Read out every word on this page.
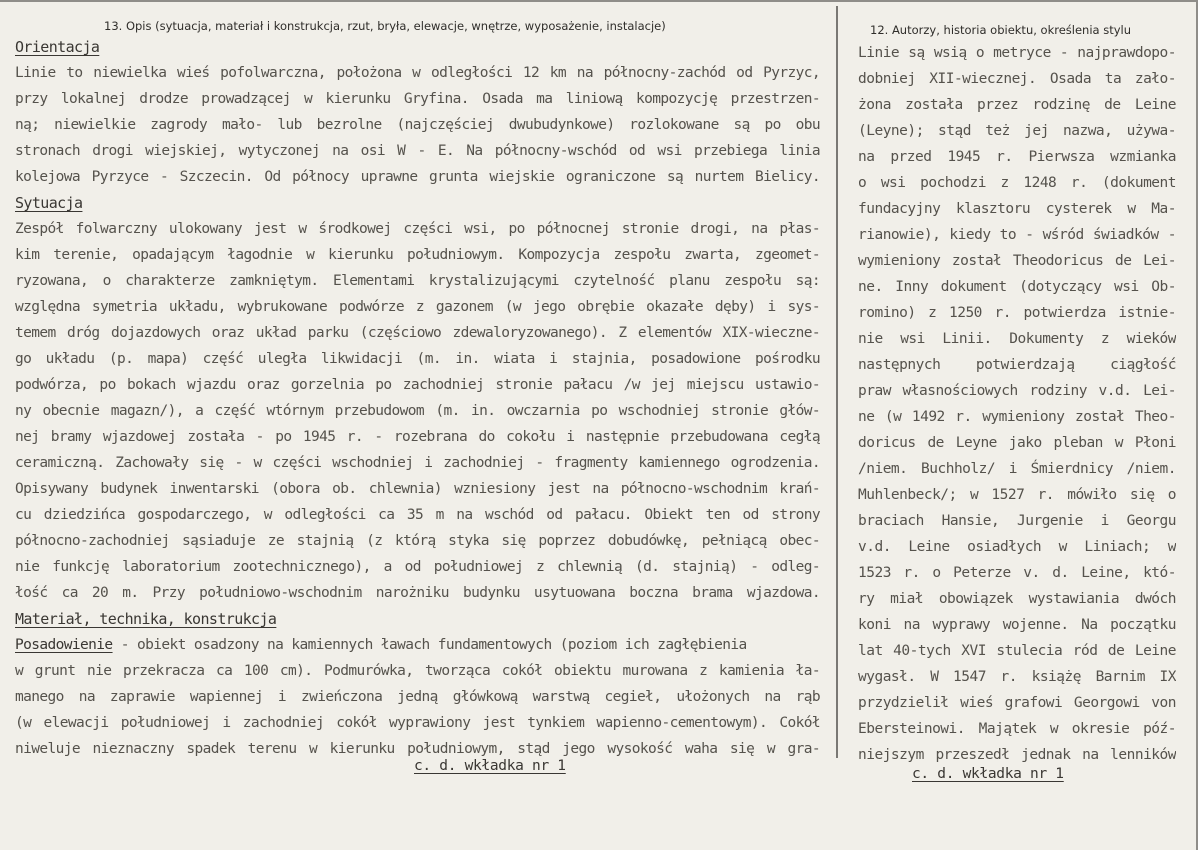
13. Opis (sytuacja, materiał i konstrukcja, rzut, bryła, elewacje, wnętrze, wyposażenie, instalacje)	12. Autorzy, historia obiektu, określenia stylu
Orientacja
Linie to niewielka wieś pofolwarczna, położona w odległości 12 km na północny-zachód od Pyrzyc,
przy lokalnej drodze prowadzącej w kierunku Gryfina. Osada ma liniową kompozycję przestrzen-
ną; niewielkie zagrody mało- lub bezrolne (najczęściej dwubudynkowe) rozlokowane są po obu
stronach drogi wiejskiej, wytyczonej na osi W - E. Na północny-wschód od wsi przebiega linia
kolejowa Pyrzyce - Szczecin. Od północy uprawne grunta wiejskie ograniczone są nurtem Bielicy.
Sytuacja
Zespół folwarczny ulokowany jest w środkowej części wsi, po północnej stronie drogi, na płas-
kim terenie, opadającym łagodnie w kierunku południowym. Kompozycja zespołu zwarta, zgeomet-
ryzowana, o charakterze zamkniętym. Elementami krystalizującymi czytelność planu zespołu są:
względna symetria układu, wybrukowane podwórze z gazonem (w jego obrębie okazałe dęby) i sys-
temem dróg dojazdowych oraz układ parku (częściowo zdewaloryzowanego). Z elementów XIX-wieczne-
go układu (p. mapa) część uległa likwidacji (m. in. wiata i stajnia, posadowione pośrodku
podwórza, po bokach wjazdu oraz gorzelnia po zachodniej stronie pałacu /w jej miejscu ustawio-
ny obecnie magazn/), a część wtórnym przebudowom (m. in. owczarnia po wschodniej stronie głów-
nej bramy wjazdowej została - po 1945 r. - rozebrana do cokołu i następnie przebudowana cegłą
ceramiczną. Zachowały się - w części wschodniej i zachodniej - fragmenty kamiennego ogrodzenia.
Opisywany budynek inwentarski (obora ob. chlewnia) wzniesiony jest na północno-wschodnim krań-
cu dziedzińca gospodarczego, w odległości ca 35 m na wschód od pałacu. Obiekt ten od strony
północno-zachodniej sąsiaduje ze stajnią (z którą styka się poprzez dobudówkę, pełniącą obec-
nie funkcję laboratorium zootechnicznego), a od południowej z chlewnią (d. stajnią) - odleg-
łość ca 20 m. Przy południowo-wschodnim narożniku budynku usytuowana boczna brama wjazdowa.
Materiał, technika, konstrukcja
Posadowienie - obiekt osadzony na kamiennych ławach fundamentowych (poziom ich zagłębienia
w grunt nie przekracza ca 100 cm). Podmurówka, tworząca cokół obiektu murowana z kamienia ła-
manego na zaprawie wapiennej i zwieńczona jedną główkową warstwą cegieł, ułożonych na rąb
(w elewacji południowej i zachodniej cokół wyprawiony jest tynkiem wapienno-cementowym). Cokół
niweluje nieznaczny spadek terenu w kierunku południowym, stąd jego wysokość waha się w gra-
c. d. wkładka nr 1
Linie są wsią o metryce - najprawdopo-
dobniej XII-wiecznej. Osada ta zało-
żona została przez rodzinę de Leine
(Leyne); stąd też jej nazwa, używa-
na przed 1945 r. Pierwsza wzmianka
o wsi pochodzi z 1248 r. (dokument
fundacyjny klasztoru cysterek w Ma-
rianowie), kiedy to - wśród świadków -
wymieniony został Theodoricus de Lei-
ne. Inny dokument (dotyczący wsi Ob-
romino) z 1250 r. potwierdza istnie-
nie wsi Linii. Dokumenty z wieków
następnych potwierdzają ciągłość
praw własnościowych rodziny v.d. Lei-
ne (w 1492 r. wymieniony został Theo-
doricus de Leyne jako pleban w Płoni
/niem. Buchholz/ i Śmierdnicy /niem.
Muhlenbeck/; w 1527 r. mówiło się o
braciach Hansie, Jurgenie i Georgu
v.d. Leine osiadłych w Liniach; w
1523 r. o Peterze v. d. Leine, któ-
ry miał obowiązek wystawiania dwóch
koni na wyprawy wojenne. Na początku
lat 40-tych XVI stulecia ród de Leine
wygasł. W 1547 r. książę Barnim IX
przydzielił wieś grafowi Georgowi von
Ebersteinowi. Majątek w okresie póź-
niejszym przeszedł jednak na lenników
c. d. wkładka nr 1
